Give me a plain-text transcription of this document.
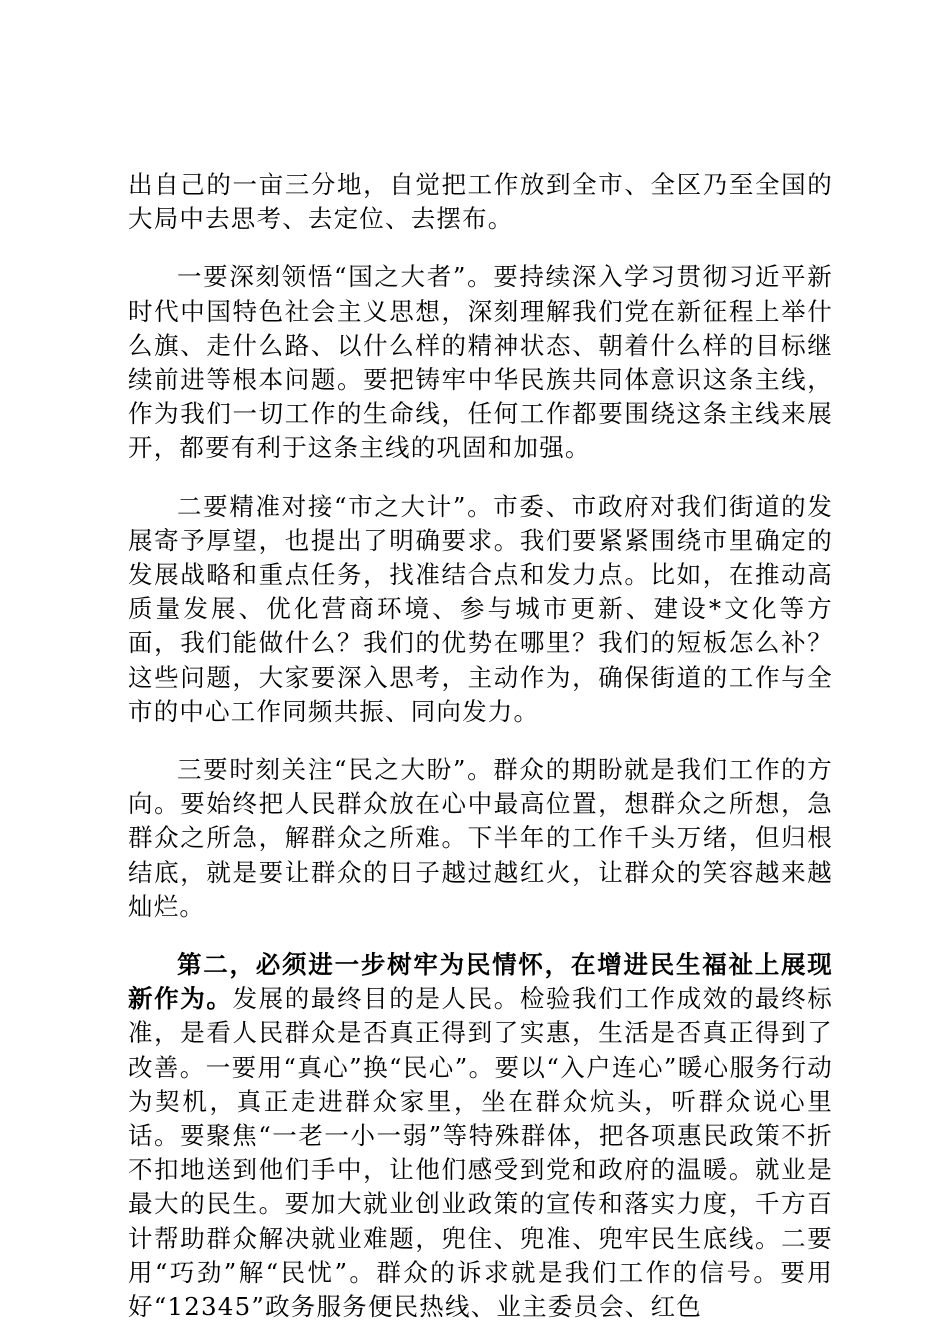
出自己的一亩三分地，自觉把工作放到全市、全区乃至全国的大局中去思考、去定位、去摆布。

一要深刻领悟“国之大者”。要持续深入学习贯彻习近平新时代中国特色社会主义思想，深刻理解我们党在新征程上举什么旗、走什么路、以什么样的精神状态、朝着什么样的目标继续前进等根本问题。要把铸牢中华民族共同体意识这条主线，作为我们一切工作的生命线，任何工作都要围绕这条主线来展开，都要有利于这条主线的巩固和加强。

二要精准对接“市之大计”。市委、市政府对我们街道的发展寄予厚望，也提出了明确要求。我们要紧紧围绕市里确定的发展战略和重点任务，找准结合点和发力点。比如，在推动高质量发展、优化营商环境、参与城市更新、建设*文化等方面，我们能做什么？我们的优势在哪里？我们的短板怎么补？这些问题，大家要深入思考，主动作为，确保街道的工作与全市的中心工作同频共振、同向发力。

三要时刻关注“民之大盼”。群众的期盼就是我们工作的方向。要始终把人民群众放在心中最高位置，想群众之所想，急群众之所急，解群众之所难。下半年的工作千头万绪，但归根结底，就是要让群众的日子越过越红火，让群众的笑容越来越灿烂。

第二，必须进一步树牢为民情怀，在增进民生福祉上展现新作为。发展的最终目的是人民。检验我们工作成效的最终标准，是看人民群众是否真正得到了实惠，生活是否真正得到了改善。一要用“真心”换“民心”。要以“入户连心”暖心服务行动为契机，真正走进群众家里，坐在群众炕头，听群众说心里话。要聚焦“一老一小一弱”等特殊群体，把各项惠民政策不折不扣地送到他们手中，让他们感受到党和政府的温暖。就业是最大的民生。要加大就业创业政策的宣传和落实力度，千方百计帮助群众解决就业难题，兜住、兜准、兜牢民生底线。二要用“巧劲”解“民忧”。群众的诉求就是我们工作的信号。要用好“12345”政务服务便民热线、业主委员会、红色
